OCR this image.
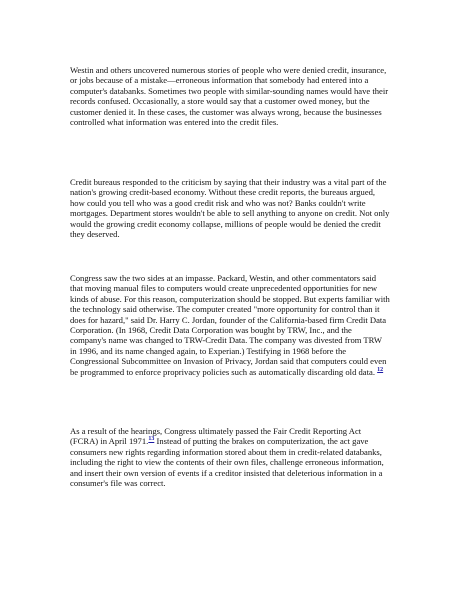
Westin and others uncovered numerous stories of people who were denied credit, insurance, or jobs because of a mistake—erroneous information that somebody had entered into a computer's databanks. Sometimes two people with similar-sounding names would have their records confused. Occasionally, a store would say that a customer owed money, but the customer denied it. In these cases, the customer was always wrong, because the businesses controlled what information was entered into the credit files.

Credit bureaus responded to the criticism by saying that their industry was a vital part of the nation's growing credit-based economy. Without these credit reports, the bureaus argued, how could you tell who was a good credit risk and who was not? Banks couldn't write mortgages. Department stores wouldn't be able to sell anything to anyone on credit. Not only would the growing credit economy collapse, millions of people would be denied the credit they deserved.

Congress saw the two sides at an impasse. Packard, Westin, and other commentators said that moving manual files to computers would create unprecedented opportunities for new kinds of abuse. For this reason, computerization should be stopped. But experts familiar with the technology said otherwise. The computer created "more opportunity for control than it does for hazard," said Dr. Harry C. Jordan, founder of the California-based firm Credit Data Corporation. (In 1968, Credit Data Corporation was bought by TRW, Inc., and the company's name was changed to TRW-Credit Data. The company was divested from TRW in 1996, and its name changed again, to Experian.) Testifying in 1968 before the Congressional Subcommittee on Invasion of Privacy, Jordan said that computers could even be programmed to enforce proprivacy policies such as automatically discarding old data. $^{12}$

As a result of the hearings, Congress ultimately passed the Fair Credit Reporting Act (FCRA) in April 1971.13 Instead of putting the brakes on computerization, the act gave consumers new rights regarding information stored about them in credit-related databanks, including the right to view the contents of their own files, challenge erroneous information, and insert their own version of events if a creditor insisted that deleterious information in a consumer's file was correct.
